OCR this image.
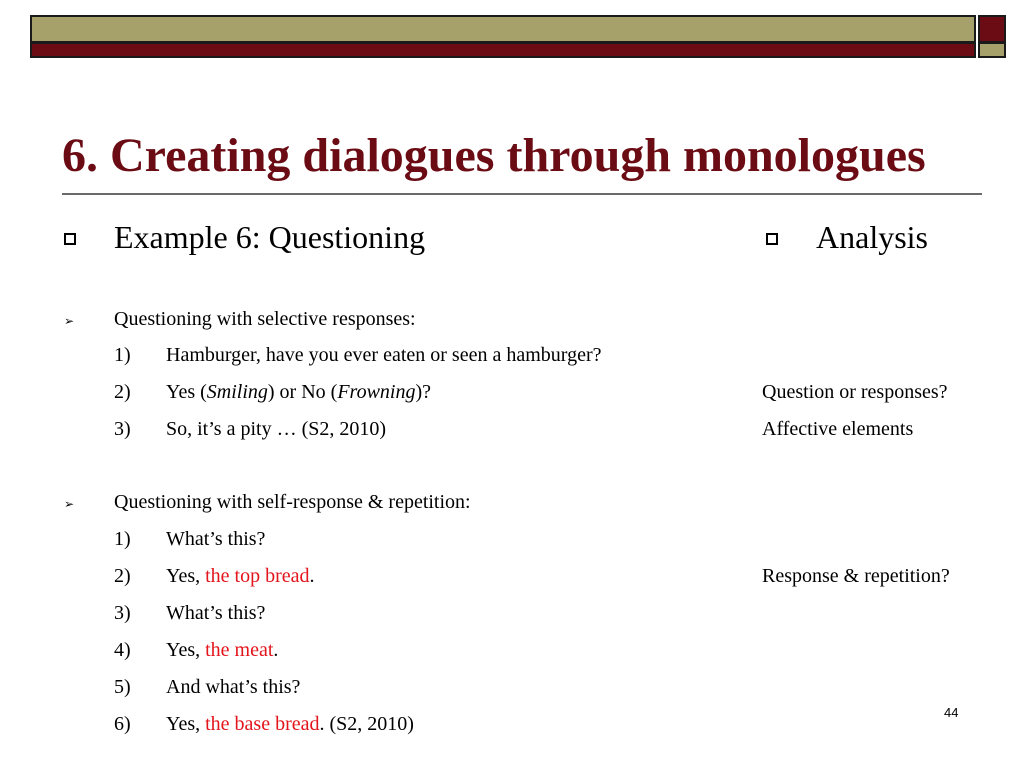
6. Creating dialogues through monologues
Example 6: Questioning	Analysis
➢ Questioning with selective responses:
1) Hamburger, have you ever eaten or seen a hamburger?
2) Yes (Smiling) or No (Frowning)?
3) So, it’s a pity … (S2, 2010)
➢ Questioning with self-response & repetition:
1) What’s this?
2) Yes, the top bread.
3) What’s this?
4) Yes, the meat.
5) And what’s this?
6) Yes, the base bread. (S2, 2010)
Question or responses?
Affective elements
Response & repetition?
44
